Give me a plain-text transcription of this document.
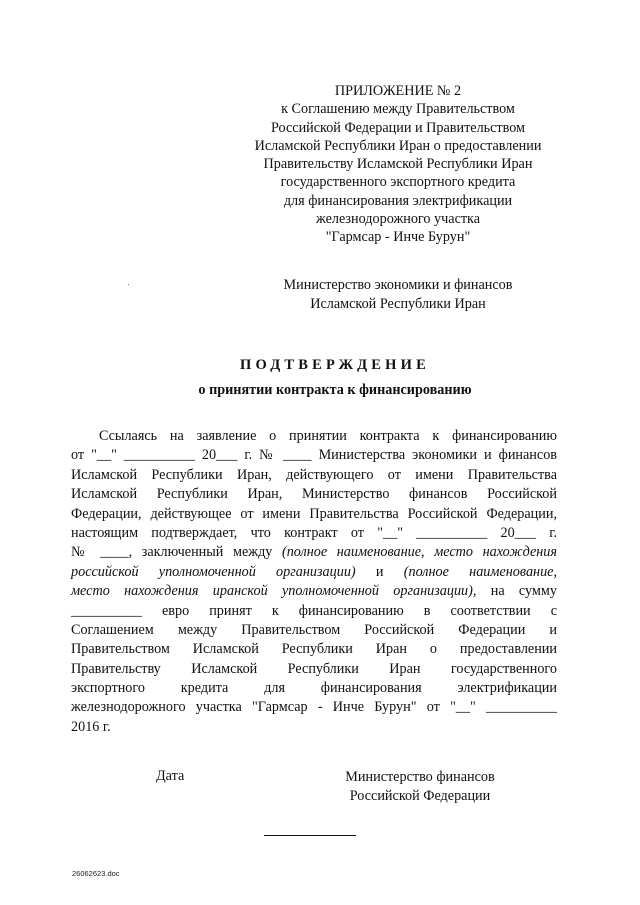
ПРИЛОЖЕНИЕ № 2
к Соглашению между Правительством
Российской Федерации и Правительством
Исламской Республики Иран о предоставлении
Правительству Исламской Республики Иран
государственного экспортного кредита
для финансирования электрификации
железнодорожного участка
"Гармсар - Инче Бурун"
Министерство экономики и финансов
Исламской Республики Иран
ПОДТВЕРЖДЕНИЕ
о принятии контракта к финансированию
Ссылаясь на заявление о принятии контракта к финансированию
от "__" __________ 20___ г. № ____ Министерства экономики и финансов
Исламской Республики Иран, действующего от имени Правительства
Исламской Республики Иран, Министерство финансов Российской
Федерации, действующее от имени Правительства Российской Федерации,
настоящим подтверждает, что контракт от "__" __________ 20___ г.
№ ____, заключенный между (полное наименование, место нахождения
российской уполномоченной организации) и (полное наименование,
место нахождения иранской уполномоченной организации), на сумму
__________ евро принят к финансированию в соответствии с
Соглашением между Правительством Российской Федерации и
Правительством Исламской Республики Иран о предоставлении
Правительству Исламской Республики Иран государственного
экспортного кредита для финансирования электрификации
железнодорожного участка "Гармсар - Инче Бурун" от "__" __________
2016 г.
Дата	Министерство финансов
Российской Федерации
26062623.doc
